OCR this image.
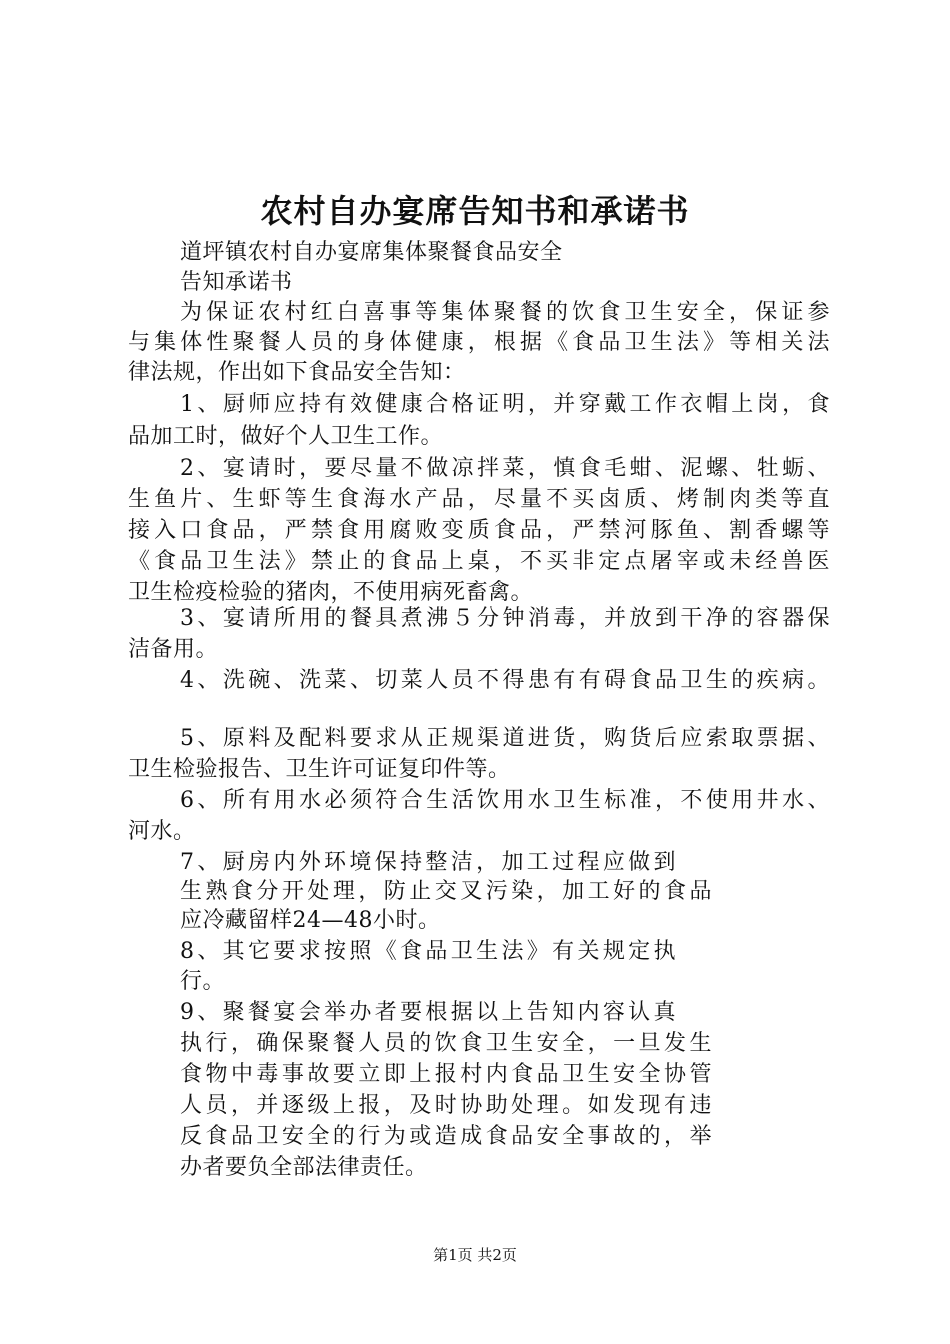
农村自办宴席告知书和承诺书
道坪镇农村自办宴席集体聚餐食品安全
告知承诺书
为保证农村红白喜事等集体聚餐的饮食卫生安全，保证参
与集体性聚餐人员的身体健康，根据《食品卫生法》等相关法
律法规，作出如下食品安全告知：
1、厨师应持有效健康合格证明，并穿戴工作衣帽上岗，食
品加工时，做好个人卫生工作。
2、宴请时，要尽量不做凉拌菜，慎食毛蚶、泥螺、牡蛎、
生鱼片、生虾等生食海水产品，尽量不买卤质、烤制肉类等直
接入口食品，严禁食用腐败变质食品，严禁河豚鱼、割香螺等
《食品卫生法》禁止的食品上桌，不买非定点屠宰或未经兽医
卫生检疫检验的猪肉，不使用病死畜禽。
3、宴请所用的餐具煮沸５分钟消毒，并放到干净的容器保
洁备用。
4、洗碗、洗菜、切菜人员不得患有有碍食品卫生的疾病。
5、原料及配料要求从正规渠道进货，购货后应索取票据、
卫生检验报告、卫生许可证复印件等。
6、所有用水必须符合生活饮用水卫生标准，不使用井水、
河水。
7、厨房内外环境保持整洁，加工过程应做到
生熟食分开处理，防止交叉污染，加工好的食品
应冷藏留样24—48小时。
8、其它要求按照《食品卫生法》有关规定执
行。
9、聚餐宴会举办者要根据以上告知内容认真
执行，确保聚餐人员的饮食卫生安全，一旦发生
食物中毒事故要立即上报村内食品卫生安全协管
人员，并逐级上报，及时协助处理。如发现有违
反食品卫安全的行为或造成食品安全事故的，举
办者要负全部法律责任。
第1页 共2页
